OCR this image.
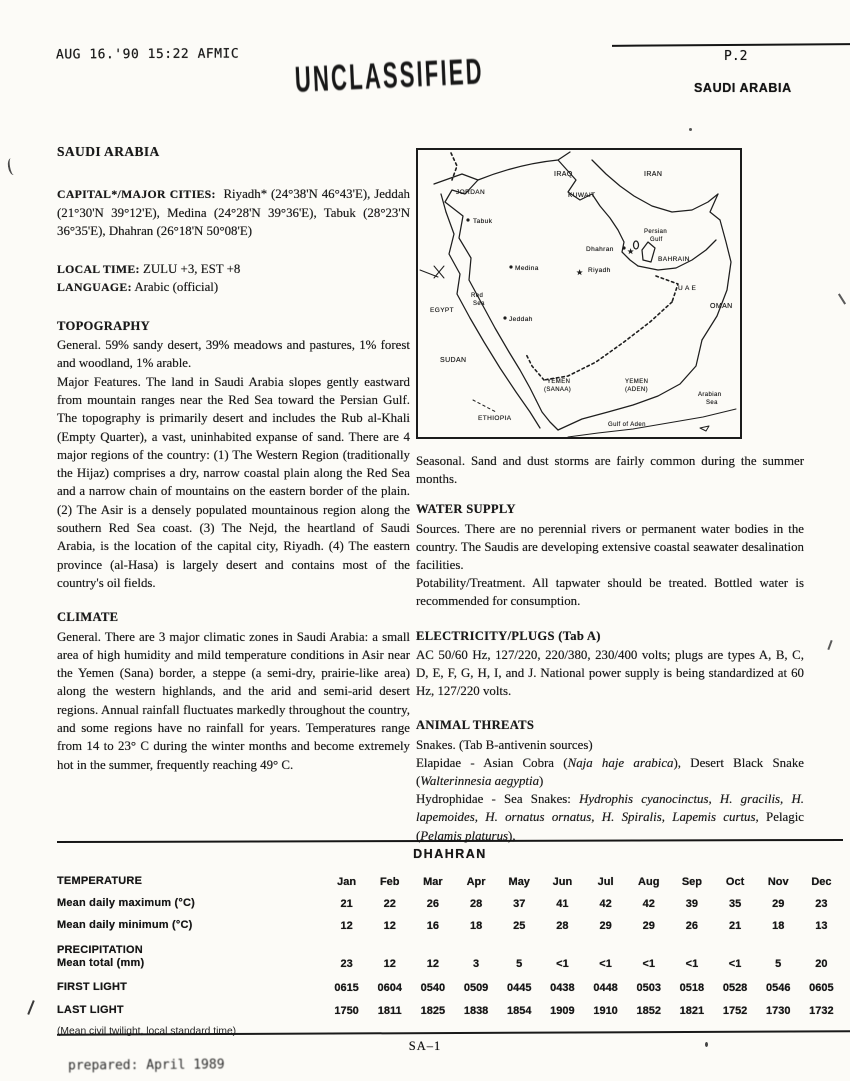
AUG 16.'90 15:22 AFMIC UNCLASSIFIED	P.2
SAUDI ARABIA
SAUDI ARABIA

CAPITAL*/MAJOR CITIES: Riyadh* (24°38'N 46°43'E), Jeddah (21°30'N 39°12'E), Medina (24°28'N 39°36'E), Tabuk (28°23'N 36°35'E), Dhahran (26°18'N 50°08'E)

LOCAL TIME: ZULU +3, EST +8

LANGUAGE: Arabic (official)

TOPOGRAPHY

General. 59% sandy desert, 39% meadows and pastures, 1% forest and woodland, 1% arable.

Major Features. The land in Saudi Arabia slopes gently eastward from mountain ranges near the Red Sea toward the Persian Gulf. The topography is primarily desert and includes the Rub al-Khali (Empty Quarter), a vast, uninhabited expanse of sand. There are 4 major regions of the country: (1) The Western Region (traditionally the Hijaz) comprises a dry, narrow coastal plain along the Red Sea and a narrow chain of mountains on the eastern border of the plain. (2) The Asir is a densely populated mountainous region along the southern Red Sea coast. (3) The Nejd, the heartland of Saudi Arabia, is the location of the capital city, Riyadh. (4) The eastern province (al-Hasa) is largely desert and contains most of the country's oil fields.

CLIMATE

General. There are 3 major climatic zones in Saudi Arabia: a small area of high humidity and mild temperature conditions in Asir near the Yemen (Sana) border, a steppe (a semi-dry, prairie-like area) along the western highlands, and the arid and semi-arid desert regions. Annual rainfall fluctuates markedly throughout the country, and some regions have no rainfall for years. Temperatures range from 14 to 23° C during the winter months and become extremely hot in the summer, frequently reaching 49° C.

IRAQ	IRAN
JORDAN	KUWAIT
Tabuk
Persian
Gulf
Dhahran
BAHRAIN
Medina	Riyadh
U A E
OMAN
Red
Sea
EGYPT
Jeddah
SUDAN
YEMEN
(SANAA)
YEMEN
(ADEN)
Arabian
Sea
ETHIOPIA
Gulf of Aden
★
★

Seasonal. Sand and dust storms are fairly common during the summer months.

WATER SUPPLY

Sources. There are no perennial rivers or permanent water bodies in the country. The Saudis are developing extensive coastal seawater desalination facilities.

Potability/Treatment. All tapwater should be treated. Bottled water is recommended for consumption.

ELECTRICITY/PLUGS (Tab A)

AC 50/60 Hz, 127/220, 220/380, 230/400 volts; plugs are types A, B, C, D, E, F, G, H, I, and J. National power supply is being standardized at 60 Hz, 127/220 volts.

ANIMAL THREATS

Snakes. (Tab B-antivenin sources)

Elapidae - Asian Cobra (Naja haje arabica), Desert Black Snake (Walterinnesia aegyptia)

Hydrophidae - Sea Snakes: Hydrophis cyanocinctus, H. gracilis, H. lapemoides, H. ornatus ornatus, H. Spiralis, Lapemis curtus, Pelagic (Pelamis platurus),

DHAHRAN
TEMPERATURE	Jan	Feb	Mar	Apr	May	Jun	Jul	Aug	Sep	Oct	Nov	Dec
Mean daily maximum (°C)	21	22	26	28	37	41	42	42	39	35	29	23
Mean daily minimum (°C)	12	12	16	18	25	28	29	29	26	21	18	13
PRECIPITATION
Mean total (mm)	23	12	12	3	5	<1	<1	<1	<1	<1	5	20
FIRST LIGHT	0615	0604	0540	0509	0445	0438	0448	0503	0518	0528	0546	0605
LAST LIGHT	1750	1811	1825	1838	1854	1909	1910	1852	1821	1752	1730	1732
(Mean civil twilight, local standard time)
SA–1
prepared: April 1989
